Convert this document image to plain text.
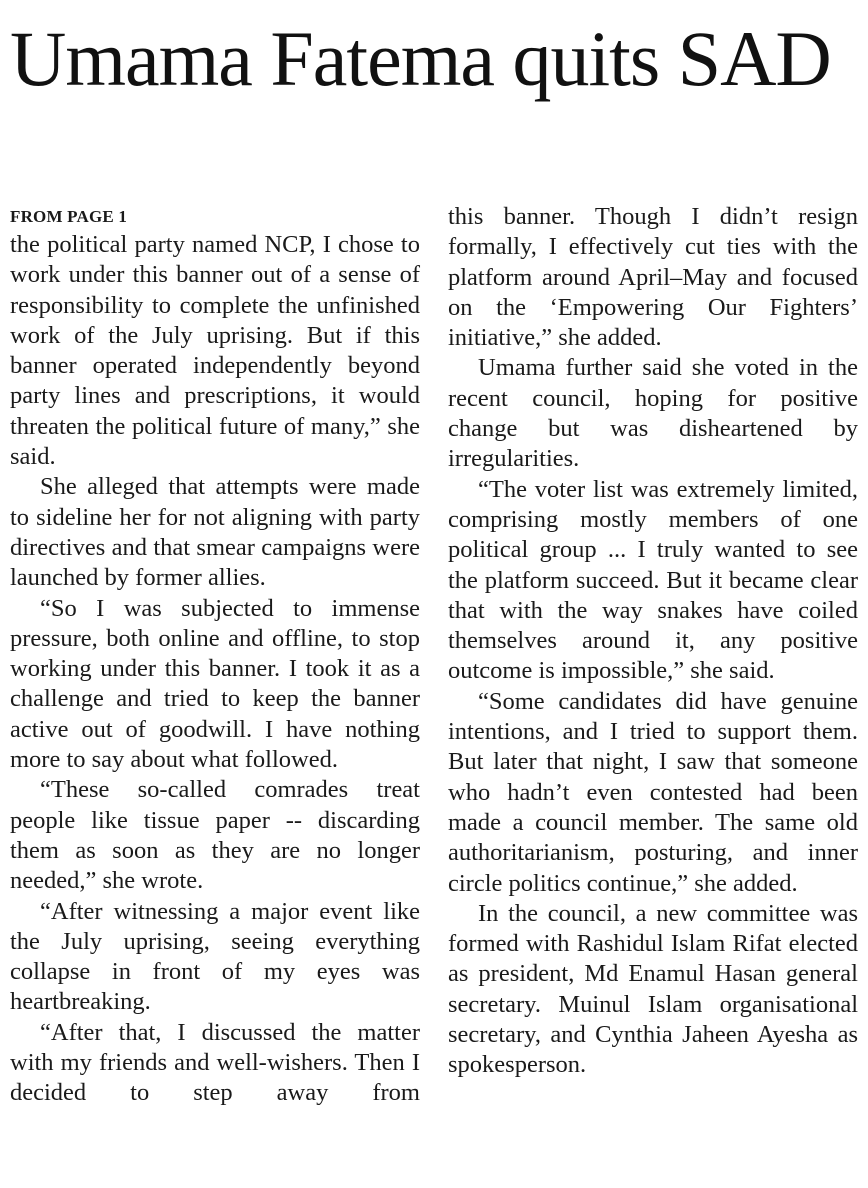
Umama Fatema quits SAD
FROM PAGE 1

the political party named NCP, I chose to work under this banner out of a sense of responsibility to complete the unfinished work of the July uprising. But if this banner operated independently beyond party lines and prescriptions, it would threaten the political future of many,” she said.

She alleged that attempts were made to sideline her for not aligning with party directives and that smear campaigns were launched by former allies.

“So I was subjected to immense pressure, both online and offline, to stop working under this banner. I took it as a challenge and tried to keep the banner active out of goodwill. I have nothing more to say about what followed.

“These so-called comrades treat people like tissue paper -- discarding them as soon as they are no longer needed,” she wrote.

“After witnessing a major event like the July uprising, seeing everything collapse in front of my eyes was heartbreaking.

“After that, I discussed the matter with my friends and well-wishers. Then I decided to step away from

this banner. Though I didn’t resign formally, I effectively cut ties with the platform around April–May and focused on the ‘Empowering Our Fighters’ initiative,” she added.

Umama further said she voted in the recent council, hoping for positive change but was disheartened by irregularities.

“The voter list was extremely limited, comprising mostly members of one political group ... I truly wanted to see the platform succeed. But it became clear that with the way snakes have coiled themselves around it, any positive outcome is impossible,” she said.

“Some candidates did have genuine intentions, and I tried to support them. But later that night, I saw that someone who hadn’t even contested had been made a council member. The same old authoritarianism, posturing, and inner circle politics continue,” she added.

In the council, a new committee was formed with Rashidul Islam Rifat elected as president, Md Enamul Hasan general secretary. Muinul Islam organisational secretary, and Cynthia Jaheen Ayesha as spokesperson.
